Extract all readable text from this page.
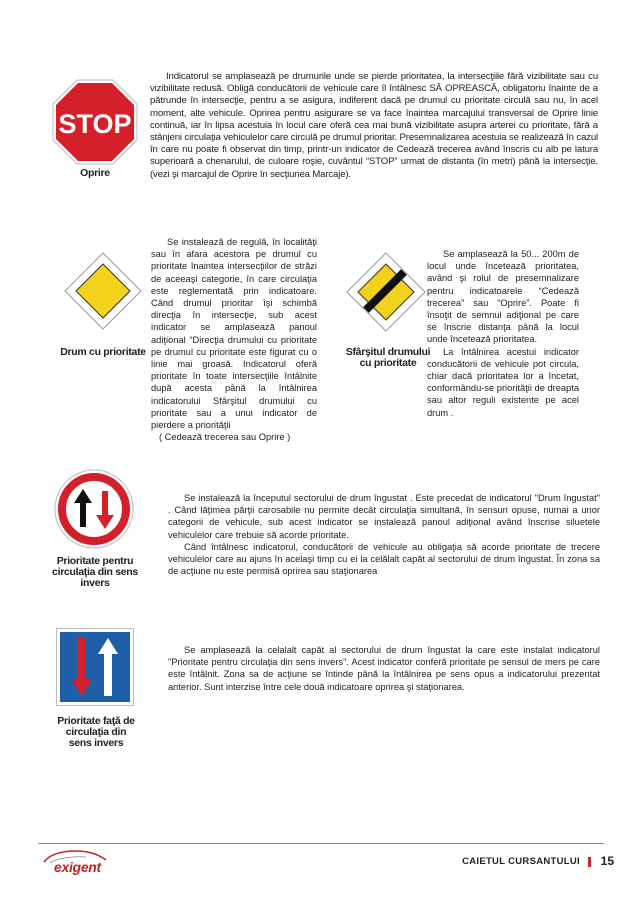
STOP
Oprire

Indicatorul se amplasează pe drumurile unde se pierde prioritatea, la intersecţiile fără vizibilitate sau cu vizibilitate redusă. Obligă conducătorii de vehicule care îl întâlnesc SĂ OPREASCĂ, obligatoriu înainte de a pătrunde în intersecţie, pentru a se asigura, indiferent dacă pe drumul cu prioritate circulă sau nu, în acel moment, alte vehicule. Oprirea pentru asigurare se va face înaintea marcajului transversal de Oprire linie continuă, iar în lipsa acestuia în locul care oferă cea mai bună vizibilitate asupra arterei cu prioritate, fără a stânjeni circulaţia vehiculelor care circulă pe drumul prioritar. Presemnalizarea acestuia se realizează în cazul în care nu poate fi observat din timp, printr-un indicator de Cedează trecerea având înscris cu alb pe latura superioară a chenarului, de culoare roşie, cuvântul “STOP” urmat de distanta (în metri) până la intersecţie. (vezi şi marcajul de Oprire în secţiunea Marcaje).

Drum cu prioritate

Se instalează de regulă, în localităţi sau în afara acestora pe drumul cu prioritate înaintea intersecţiilor de străzi de aceeaşi categorie, în care circulaţia este reglementată prin indicatoare. Când drumul prioritar îşi schimbă direcţia în intersecţie, sub acest indicator se amplasează panoul adiţional “Direcţia drumului cu prioritate pe drumul cu prioritate este figurat cu o linie mai groasă. Indicatorul oferă prioritate în toate intersecţiile întâlnite după acesta până la întâlnirea indicatorului Sfârşitul drumului cu prioritate sau a unui indicator de pierdere a priorităţii

( Cedează trecerea sau Oprire )
Sfârşitul drumului cu prioritate

Se amplasează la 50... 200m de locul unde încetează prioritatea, având şi rolul de presemnalizare pentru indicatoarele “Cedează trecerea” sau “Oprire”. Poate fi însoţit de semnul adiţional pe care se înscrie distanţa până la locul unde încetează prioritatea.

La întâlnirea acestui indicator conducătorii de vehicule pot circula, chiar dacă prioritatea lor a încetat, conformându-se priorităţii de dreapta sau altor reguli existente pe acel drum .

Prioritate pentru circulaţia din sens invers

Se instalează la începutul sectorului de drum îngustat . Este precedat de indicatorul "Drum îngustat" . Când lăţimea părţii carosabile nu permite decât circulaţia simultană, în sensuri opuse, numai a unor categorii de vehicule, sub acest indicator se instalează panoul adiţional având înscrise siluetele vehiculelor care trebuie să acorde prioritate.

Când întâlnesc indicatorul, conducătorii de vehicule au obligaţia să acorde prioritate de trecere vehiculelor care au ajuns în acelaşi timp cu ei la celălalt capăt al sectorului de drum îngustat. În zona sa de acţiune nu este permisă oprirea sau staţionarea

Prioritate faţă de circulaţia din sens invers

Se amplasează la celalalt capăt al sectorului de drum îngustat la care este instalat indicatorul "Prioritate pentru circulaţia din sens invers". Acest indicator conferă prioritate pe sensul de mers pe care este întâlnit. Zona sa de acţiune se întinde până la întâlnirea pe sens opus a indicatorului prezentat anterior. Sunt interzise între cele două indicatoare oprirea şi staţionarea.

exigent	CAIETUL CURSANTULUI 15
